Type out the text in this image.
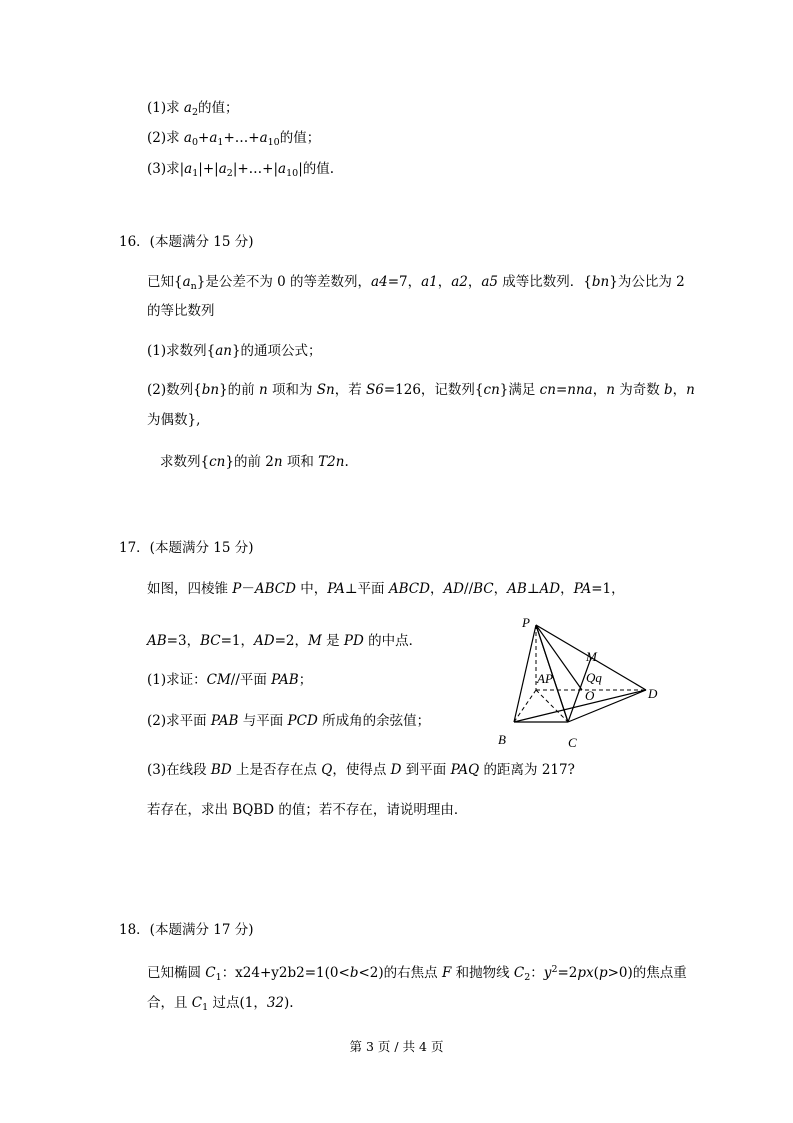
(1)求 $a_2$的值；
(2)求 $a_0+a_1+\dots+a_{10}$的值；
(3)求$|a_1|+|a_2|+\dots+|a_{10}|$的值.
16．(本题满分 15 分)
已知$\{a_n\}$是公差不为 0 的等差数列，a4=7，a1，a2，a5 成等比数列．{bn}为公比为 2
的等比数列
(1)求数列{an}的通项公式；
(2)数列{bn}的前 n 项和为 Sn，若 S6=126，记数列{cn}满足 cn=nna，n 为奇数 b，n
为偶数},
求数列{cn}的前 2n 项和 T2n.
17．(本题满分 15 分)
如图，四棱锥 P－ABCD 中，PA⊥平面 ABCD，AD//BC，AB⊥AD，PA=1，
AB=3，BC=1，AD=2，M 是 PD 的中点．
(1)求证：CM//平面 PAB；
(2)求平面 PAB 与平面 PCD 所成角的余弦值；
(3)在线段 BD 上是否存在点 Q，使得点 D 到平面 PAQ 的距离为 217?
若存在，求出 BQBD 的值；若不存在，请说明理由．
P
M
AP	Qq
O	D
B	C
18．(本题满分 17 分)
已知椭圆 $C_1$：x24+y2b2=1(0<b<2)的右焦点 F 和抛物线 $C_2$：$y^2=2px(p>0)$的焦点重
合，且 $C_1$ 过点(1，32).
第 3 页 / 共 4 页
